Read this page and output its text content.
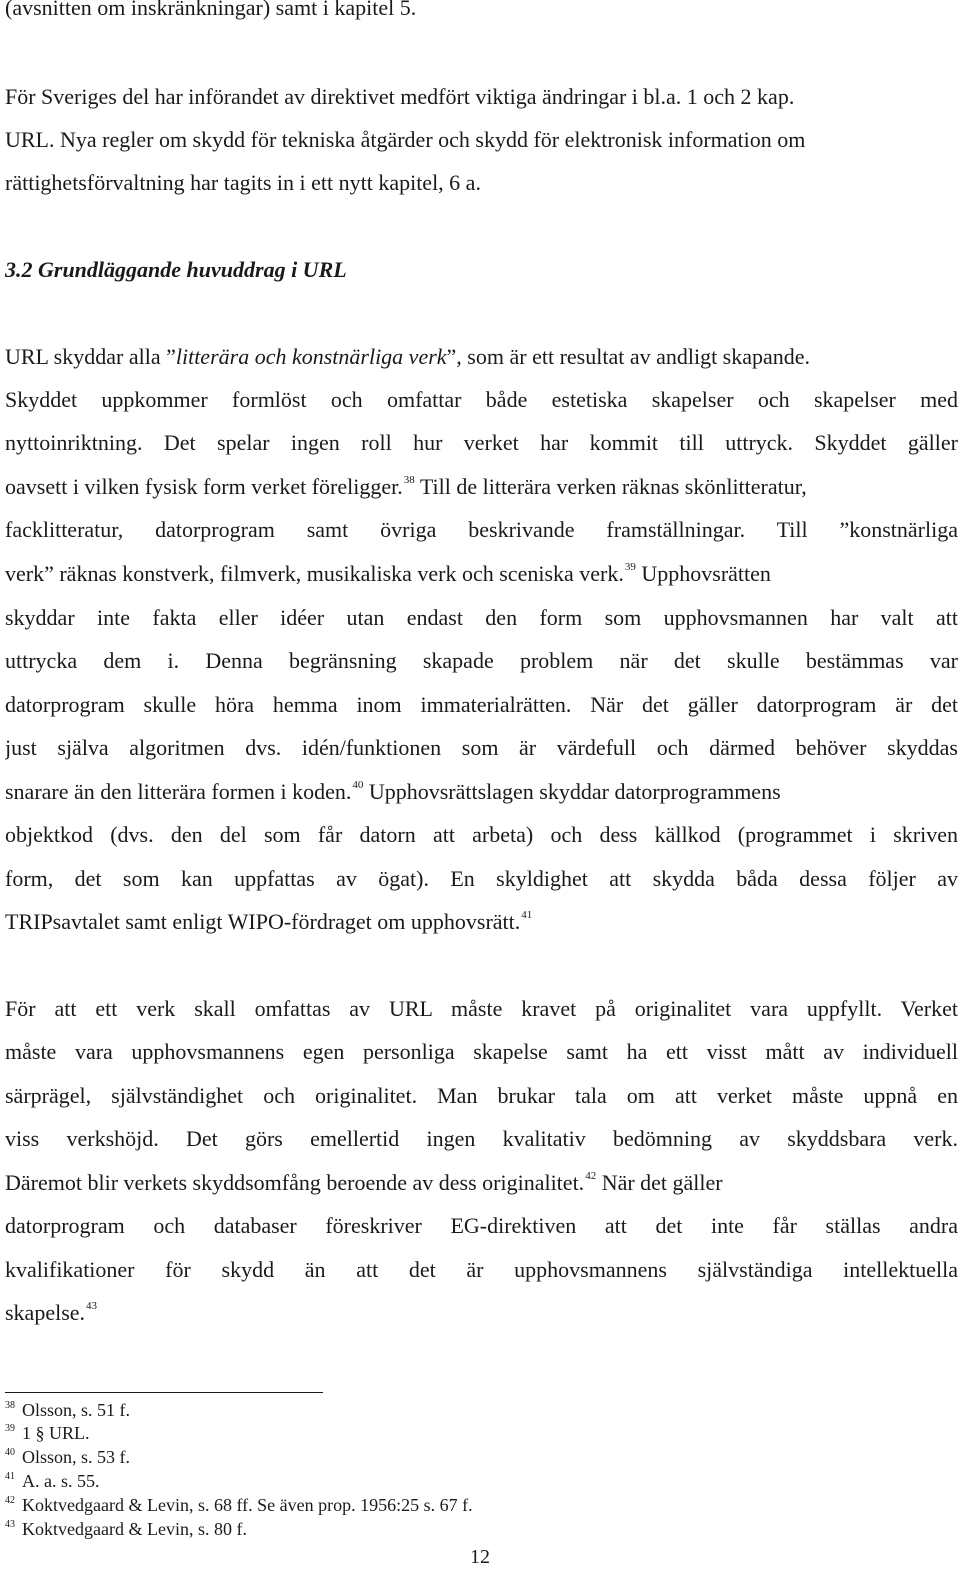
(avsnitten om inskränkningar) samt i kapitel 5.
För Sveriges del har införandet av direktivet medfört viktiga ändringar i bl.a. 1 och 2 kap.
URL. Nya regler om skydd för tekniska åtgärder och skydd för elektronisk information om
rättighetsförvaltning har tagits in i ett nytt kapitel, 6 a.
3.2 Grundläggande huvuddrag i URL
URL skyddar alla ”litterära och konstnärliga verk”, som är ett resultat av andligt skapande.
Skyddet uppkommer formlöst och omfattar både estetiska skapelser och skapelser med
nyttoinriktning. Det spelar ingen roll hur verket har kommit till uttryck. Skyddet gäller
oavsett i vilken fysisk form verket föreligger.$^{38}$ Till de litterära verken räknas skönlitteratur,
facklitteratur, datorprogram samt övriga beskrivande framställningar. Till ”konstnärliga
verk” räknas konstverk, filmverk, musikaliska verk och sceniska verk.$^{39}$ Upphovsrätten
skyddar inte fakta eller idéer utan endast den form som upphovsmannen har valt att
uttrycka dem i. Denna begränsning skapade problem när det skulle bestämmas var
datorprogram skulle höra hemma inom immaterialrätten. När det gäller datorprogram är det
just själva algoritmen dvs. idén/funktionen som är värdefull och därmed behöver skyddas
snarare än den litterära formen i koden.$^{40}$ Upphovsrättslagen skyddar datorprogrammens
objektkod (dvs. den del som får datorn att arbeta) och dess källkod (programmet i skriven
form, det som kan uppfattas av ögat). En skyldighet att skydda båda dessa följer av
TRIPsavtalet samt enligt WIPO-fördraget om upphovsrätt.$^{41}$
För att ett verk skall omfattas av URL måste kravet på originalitet vara uppfyllt. Verket
måste vara upphovsmannens egen personliga skapelse samt ha ett visst mått av individuell
särprägel, självständighet och originalitet. Man brukar tala om att verket måste uppnå en
viss verkshöjd. Det görs emellertid ingen kvalitativ bedömning av skyddsbara verk.
Däremot blir verkets skyddsomfång beroende av dess originalitet.$^{42}$ När det gäller
datorprogram och databaser föreskriver EG-direktiven att det inte får ställas andra
kvalifikationer för skydd än att det är upphovsmannens självständiga intellektuella
skapelse.$^{43}$
38 Olsson, s. 51 f.
39 1 § URL.
40 Olsson, s. 53 f.
41 A. a. s. 55.
42 Koktvedgaard & Levin, s. 68 ff. Se även prop. 1956:25 s. 67 f.
43 Koktvedgaard & Levin, s. 80 f.
12
